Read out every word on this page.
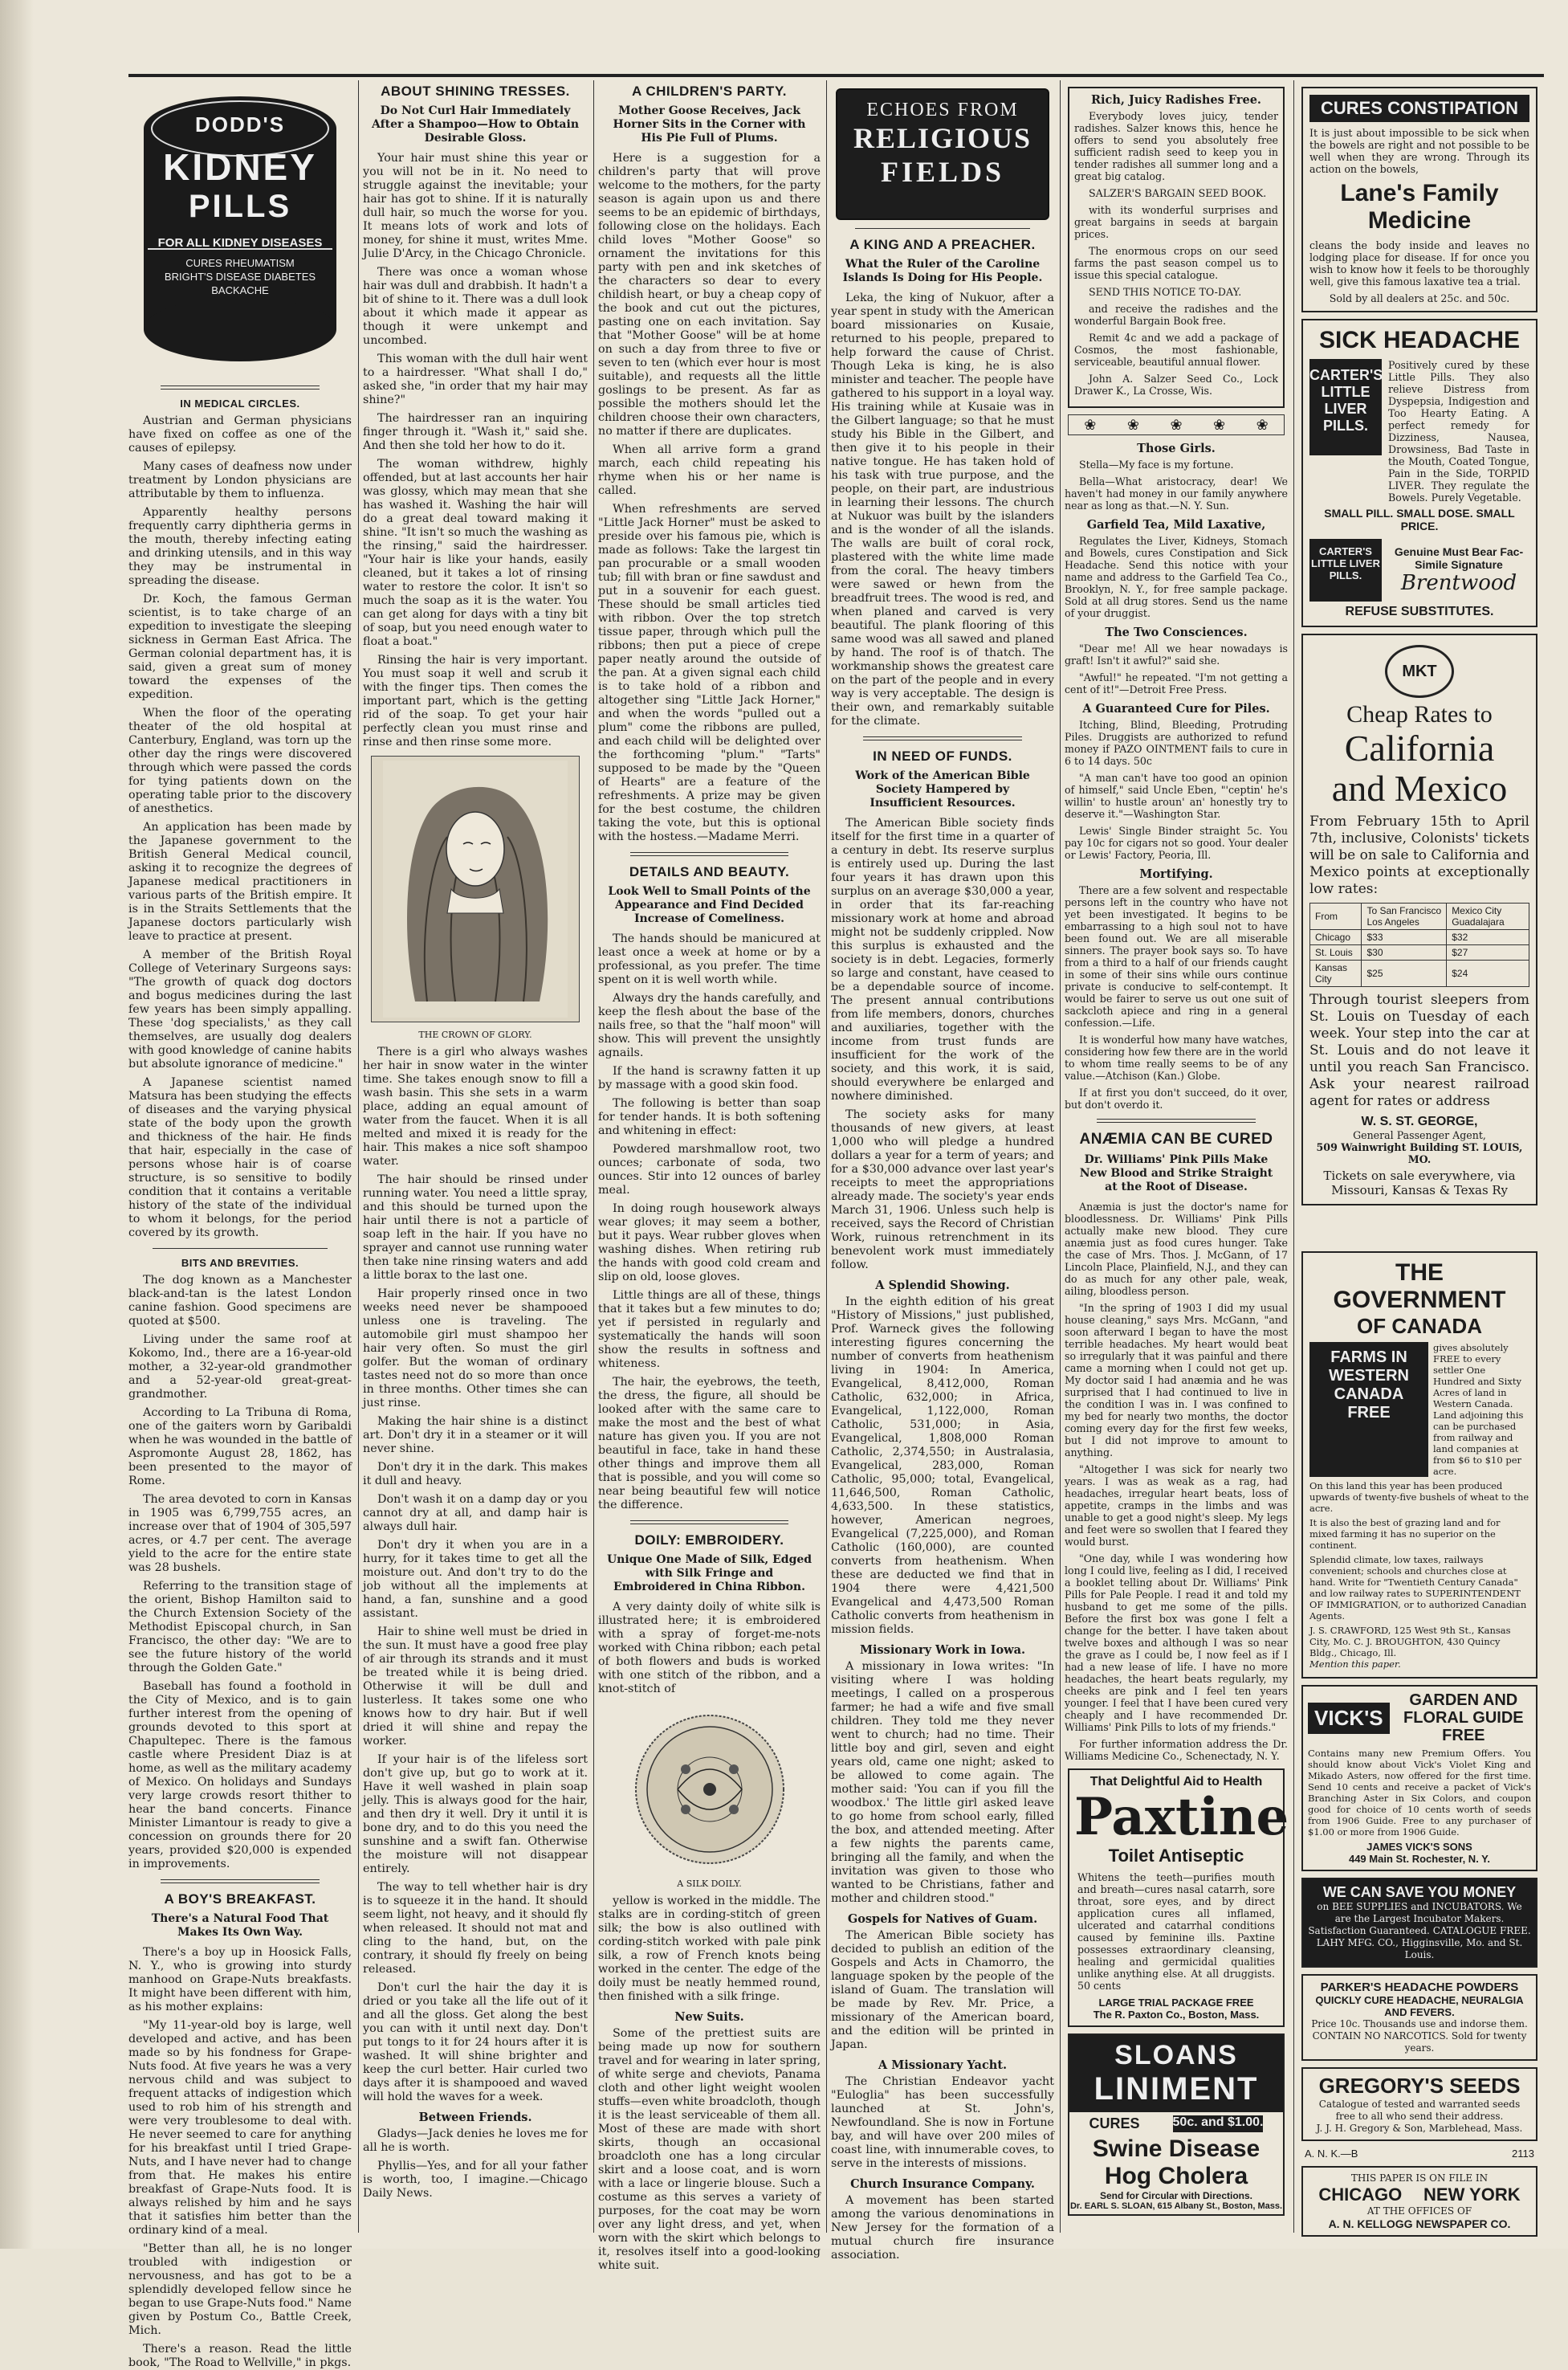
DODD'S
KIDNEY
PILLS
FOR ALL KIDNEY DISEASES
CURES RHEUMATISM BRIGHT'S DISEASE DIABETES BACKACHE
IN MEDICAL CIRCLES.

Austrian and German physicians have fixed on coffee as one of the causes of epilepsy.

Many cases of deafness now under treatment by London physicians are attributable by them to influenza.

Apparently healthy persons frequently carry diphtheria germs in the mouth, thereby infecting eating and drinking utensils, and in this way they may be instrumental in spreading the disease.

Dr. Koch, the famous German scientist, is to take charge of an expedition to investigate the sleeping sickness in German East Africa. The German colonial department has, it is said, given a great sum of money toward the expenses of the expedition.

When the floor of the operating theater of the old hospital at Canterbury, England, was torn up the other day the rings were discovered through which were passed the cords for tying patients down on the operating table prior to the discovery of anesthetics.

An application has been made by the Japanese government to the British General Medical council, asking it to recognize the degrees of Japanese medical practitioners in various parts of the British empire. It is in the Straits Settlements that the Japanese doctors particularly wish leave to practice at present.

A member of the British Royal College of Veterinary Surgeons says: "The growth of quack dog doctors and bogus medicines during the last few years has been simply appalling. These 'dog specialists,' as they call themselves, are usually dog dealers with good knowledge of canine habits but absolute ignorance of medicine."

A Japanese scientist named Matsura has been studying the effects of diseases and the varying physical state of the body upon the growth and thickness of the hair. He finds that hair, especially in the case of persons whose hair is of coarse structure, is so sensitive to bodily condition that it contains a veritable history of the state of the individual to whom it belongs, for the period covered by its growth.

BITS AND BREVITIES.

The dog known as a Manchester black-and-tan is the latest London canine fashion. Good specimens are quoted at $500.

Living under the same roof at Kokomo, Ind., there are a 16-year-old mother, a 32-year-old grandmother and a 52-year-old great-great-grandmother.

According to La Tribuna di Roma, one of the gaiters worn by Garibaldi when he was wounded in the battle of Aspromonte August 28, 1862, has been presented to the mayor of Rome.

The area devoted to corn in Kansas in 1905 was 6,799,755 acres, an increase over that of 1904 of 305,597 acres, or 4.7 per cent. The average yield to the acre for the entire state was 28 bushels.

Referring to the transition stage of the orient, Bishop Hamilton said to the Church Extension Society of the Methodist Episcopal church, in San Francisco, the other day: "We are to see the future history of the world through the Golden Gate."

Baseball has found a foothold in the City of Mexico, and is to gain further interest from the opening of grounds devoted to this sport at Chapultepec. There is the famous castle where President Diaz is at home, as well as the military academy of Mexico. On holidays and Sundays very large crowds resort thither to hear the band concerts. Finance Minister Limantour is ready to give a concession on grounds there for 20 years, provided $20,000 is expended in improvements.

A BOY'S BREAKFAST.
There's a Natural Food That Makes Its Own Way.

There's a boy up in Hoosick Falls, N. Y., who is growing into sturdy manhood on Grape-Nuts breakfasts. It might have been different with him, as his mother explains:

"My 11-year-old boy is large, well developed and active, and has been made so by his fondness for Grape-Nuts food. At five years he was a very nervous child and was subject to frequent attacks of indigestion which used to rob him of his strength and were very troublesome to deal with. He never seemed to care for anything for his breakfast until I tried Grape-Nuts, and I have never had to change from that. He makes his entire breakfast of Grape-Nuts food. It is always relished by him and he says that it satisfies him better than the ordinary kind of a meal.

"Better than all, he is no longer troubled with indigestion or nervousness, and has got to be a splendidly developed fellow since he began to use Grape-Nuts food." Name given by Postum Co., Battle Creek, Mich.

There's a reason. Read the little book, "The Road to Wellville," in pkgs.

ABOUT SHINING TRESSES.
Do Not Curl Hair Immediately After a Shampoo—How to Obtain Desirable Gloss.

Your hair must shine this year or you will not be in it. No need to struggle against the inevitable; your hair has got to shine. If it is naturally dull hair, so much the worse for you. It means lots of work and lots of money, for shine it must, writes Mme. Julie D'Arcy, in the Chicago Chronicle.

There was once a woman whose hair was dull and drabbish. It hadn't a bit of shine to it. There was a dull look about it which made it appear as though it were unkempt and uncombed.

This woman with the dull hair went to a hairdresser. "What shall I do," asked she, "in order that my hair may shine?"

The hairdresser ran an inquiring finger through it. "Wash it," said she. And then she told her how to do it.

The woman withdrew, highly offended, but at last accounts her hair was glossy, which may mean that she has washed it. Washing the hair will do a great deal toward making it shine. "It isn't so much the washing as the rinsing," said the hairdresser. "Your hair is like your hands, easily cleaned, but it takes a lot of rinsing water to restore the color. It isn't so much the soap as it is the water. You can get along for days with a tiny bit of soap, but you need enough water to float a boat."

Rinsing the hair is very important. You must soap it well and scrub it with the finger tips. Then comes the important part, which is the getting rid of the soap. To get your hair perfectly clean you must rinse and rinse and then rinse some more.

THE CROWN OF GLORY.

There is a girl who always washes her hair in snow water in the winter time. She takes enough snow to fill a wash basin. This she sets in a warm place, adding an equal amount of water from the faucet. When it is all melted and mixed it is ready for the hair. This makes a nice soft shampoo water.

The hair should be rinsed under running water. You need a little spray, and this should be turned upon the hair until there is not a particle of soap left in the hair. If you have no sprayer and cannot use running water then take nine rinsing waters and add a little borax to the last one.

Hair properly rinsed once in two weeks need never be shampooed unless one is traveling. The automobile girl must shampoo her hair very often. So must the girl golfer. But the woman of ordinary tastes need not do so more than once in three months. Other times she can just rinse.

Making the hair shine is a distinct art. Don't dry it in a steamer or it will never shine.

Don't dry it in the dark. This makes it dull and heavy.

Don't wash it on a damp day or you cannot dry at all, and damp hair is always dull hair.

Don't dry it when you are in a hurry, for it takes time to get all the moisture out. And don't try to do the job without all the implements at hand, a fan, sunshine and a good assistant.

Hair to shine well must be dried in the sun. It must have a good free play of air through its strands and it must be treated while it is being dried. Otherwise it will be dull and lusterless. It takes some one who knows how to dry hair. But if well dried it will shine and repay the worker.

If your hair is of the lifeless sort don't give up, but go to work at it. Have it well washed in plain soap jelly. This is always good for the hair, and then dry it well. Dry it until it is bone dry, and to do this you need the sunshine and a swift fan. Otherwise the moisture will not disappear entirely.

The way to tell whether hair is dry is to squeeze it in the hand. It should seem light, not heavy, and it should fly when released. It should not mat and cling to the hand, but, on the contrary, it should fly freely on being released.

Don't curl the hair the day it is dried or you take all the life out of it and all the gloss. Get along the best you can with it until next day. Don't put tongs to it for 24 hours after it is washed. It will shine brighter and keep the curl better. Hair curled two days after it is shampooed and waved will hold the waves for a week.

Between Friends.

Gladys—Jack denies he loves me for all he is worth.

Phyllis—Yes, and for all your father is worth, too, I imagine.—Chicago Daily News.

A CHILDREN'S PARTY.
Mother Goose Receives, Jack Horner Sits in the Corner with His Pie Full of Plums.

Here is a suggestion for a children's party that will prove welcome to the mothers, for the party season is again upon us and there seems to be an epidemic of birthdays, following close on the holidays. Each child loves "Mother Goose" so ornament the invitations for this party with pen and ink sketches of the characters so dear to every childish heart, or buy a cheap copy of the book and cut out the pictures, pasting one on each invitation. Say that "Mother Goose" will be at home on such a day from three to five or seven to ten (which ever hour is most suitable), and requests all the little goslings to be present. As far as possible the mothers should let the children choose their own characters, no matter if there are duplicates.

When all arrive form a grand march, each child repeating his rhyme when his or her name is called.

When refreshments are served "Little Jack Horner" must be asked to preside over his famous pie, which is made as follows: Take the largest tin pan procurable or a small wooden tub; fill with bran or fine sawdust and put in a souvenir for each guest. These should be small articles tied with ribbon. Over the top stretch tissue paper, through which pull the ribbons; then put a piece of crepe paper neatly around the outside of the pan. At a given signal each child is to take hold of a ribbon and altogether sing "Little Jack Horner," and when the words "pulled out a plum" come the ribbons are pulled, and each child will be delighted over the forthcoming "plum." "Tarts" supposed to be made by the "Queen of Hearts" are a feature of the refreshments. A prize may be given for the best costume, the children taking the vote, but this is optional with the hostess.—Madame Merri.

DETAILS AND BEAUTY.
Look Well to Small Points of the Appearance and Find Decided Increase of Comeliness.

The hands should be manicured at least once a week at home or by a professional, as you prefer. The time spent on it is well worth while.

Always dry the hands carefully, and keep the flesh about the base of the nails free, so that the "half moon" will show. This will prevent the unsightly agnails.

If the hand is scrawny fatten it up by massage with a good skin food.

The following is better than soap for tender hands. It is both softening and whitening in effect:

Powdered marshmallow root, two ounces; carbonate of soda, two ounces. Stir into 12 ounces of barley meal.

In doing rough housework always wear gloves; it may seem a bother, but it pays. Wear rubber gloves when washing dishes. When retiring rub the hands with good cold cream and slip on old, loose gloves.

Little things are all of these, things that it takes but a few minutes to do; yet if persisted in regularly and systematically the hands will soon show the results in softness and whiteness.

The hair, the eyebrows, the teeth, the dress, the figure, all should be looked after with the same care to make the most and the best of what nature has given you. If you are not beautiful in face, take in hand these other things and improve them all that is possible, and you will come so near being beautiful few will notice the difference.

DOILY: EMBROIDERY.
Unique One Made of Silk, Edged with Silk Fringe and Embroidered in China Ribbon.

A very dainty doily of white silk is illustrated here; it is embroidered with a spray of forget-me-nots worked with China ribbon; each petal of both flowers and buds is worked with one stitch of the ribbon, and a knot-stitch of

A SILK DOILY.

yellow is worked in the middle. The stalks are in cording-stitch of green silk; the bow is also outlined with cording-stitch worked with pale pink silk, a row of French knots being worked in the center. The edge of the doily must be neatly hemmed round, then finished with a silk fringe.

New Suits.

Some of the prettiest suits are being made up now for southern travel and for wearing in later spring, of white serge and cheviots, Panama cloth and other light weight woolen stuffs—even white broadcloth, though it is the least serviceable of them all. Most of these are made with short skirts, though an occasional broadcloth one has a long circular skirt and a loose coat, and is worn with a lace or lingerie blouse. Such a costume as this serves a variety of purposes, for the coat may be worn over any light dress, and yet, when worn with the skirt which belongs to it, resolves itself into a good-looking white suit.

ECHOES FROM
RELIGIOUS
FIELDS
A KING AND A PREACHER.
What the Ruler of the Caroline Islands Is Doing for His People.

Leka, the king of Nukuor, after a year spent in study with the American board missionaries on Kusaie, returned to his people, prepared to help forward the cause of Christ. Though Leka is king, he is also minister and teacher. The people have gathered to his support in a loyal way. His training while at Kusaie was in the Gilbert language; so that he must study his Bible in the Gilbert, and then give it to his people in their native tongue. He has taken hold of his task with true purpose, and the people, on their part, are industrious in learning their lessons. The church at Nukuor was built by the islanders and is the wonder of all the islands. The walls are built of coral rock, plastered with the white lime made from the coral. The heavy timbers were sawed or hewn from the breadfruit trees. The wood is red, and when planed and carved is very beautiful. The plank flooring of this same wood was all sawed and planed by hand. The roof is of thatch. The workmanship shows the greatest care on the part of the people and in every way is very acceptable. The design is their own, and remarkably suitable for the climate.

IN NEED OF FUNDS.
Work of the American Bible Society Hampered by Insufficient Resources.

The American Bible society finds itself for the first time in a quarter of a century in debt. Its reserve surplus is entirely used up. During the last four years it has drawn upon this surplus on an average $30,000 a year, in order that its far-reaching missionary work at home and abroad might not be suddenly crippled. Now this surplus is exhausted and the society is in debt. Legacies, formerly so large and constant, have ceased to be a dependable source of income. The present annual contributions from life members, donors, churches and auxiliaries, together with the income from trust funds are insufficient for the work of the society, and this work, it is said, should everywhere be enlarged and nowhere diminished.

The society asks for many thousands of new givers, at least 1,000 who will pledge a hundred dollars a year for a term of years; and for a $30,000 advance over last year's receipts to meet the appropriations already made. The society's year ends March 31, 1906. Unless such help is received, says the Record of Christian Work, ruinous retrenchment in its benevolent work must immediately follow.

A Splendid Showing.

In the eighth edition of his great "History of Missions," just published, Prof. Warneck gives the following interesting figures concerning the number of converts from heathenism living in 1904: In America, Evangelical, 8,412,000, Roman Catholic, 632,000; in Africa, Evangelical, 1,122,000, Roman Catholic, 531,000; in Asia, Evangelical, 1,808,000 Roman Catholic, 2,374,550; in Australasia, Evangelical, 283,000, Roman Catholic, 95,000; total, Evangelical, 11,646,500, Roman Catholic, 4,633,500. In these statistics, however, American negroes, Evangelical (7,225,000), and Roman Catholic (160,000), are counted converts from heathenism. When these are deducted we find that in 1904 there were 4,421,500 Evangelical and 4,473,500 Roman Catholic converts from heathenism in mission fields.

Missionary Work in Iowa.

A missionary in Iowa writes: "In visiting where I was holding meetings, I called on a prosperous farmer; he had a wife and five small children. They told me they never went to church; had no time. Their little boy and girl, seven and eight years old, came one night; asked to be allowed to come again. The mother said: 'You can if you fill the woodbox.' The little girl asked leave to go home from school early, filled the box, and attended meeting. After a few nights the parents came, bringing all the family, and when the invitation was given to those who wanted to be Christians, father and mother and children stood."

Gospels for Natives of Guam.

The American Bible society has decided to publish an edition of the Gospels and Acts in Chamorro, the language spoken by the people of the island of Guam. The translation will be made by Rev. Mr. Price, a missionary of the American board, and the edition will be printed in Japan.

A Missionary Yacht.

The Christian Endeavor yacht "Euloglia" has been successfully launched at St. John's, Newfoundland. She is now in Fortune bay, and will have over 200 miles of coast line, with innumerable coves, to serve in the interests of missions.

Church Insurance Company.

A movement has been started among the various denominations in New Jersey for the formation of a mutual church fire insurance association.

Rich, Juicy Radishes Free.

Everybody loves juicy, tender radishes. Salzer knows this, hence he offers to send you absolutely free sufficient radish seed to keep you in tender radishes all summer long and a great big catalog.

SALZER'S BARGAIN SEED BOOK.

with its wonderful surprises and great bargains in seeds at bargain prices.

The enormous crops on our seed farms the past season compel us to issue this special catalogue.

SEND THIS NOTICE TO-DAY.

and receive the radishes and the wonderful Bargain Book free.

Remit 4c and we add a package of Cosmos, the most fashionable, serviceable, beautiful annual flower.

John A. Salzer Seed Co., Lock Drawer K., La Crosse, Wis.

❀ ❀ ❀ ❀ ❀
Those Girls.

Stella—My face is my fortune.

Bella—What aristocracy, dear! We haven't had money in our family anywhere near as long as that.—N. Y. Sun.

Garfield Tea, Mild Laxative,

Regulates the Liver, Kidneys, Stomach and Bowels, cures Constipation and Sick Headache. Send this notice with your name and address to the Garfield Tea Co., Brooklyn, N. Y., for free sample package. Sold at all drug stores. Send us the name of your druggist.

The Two Consciences.

"Dear me! All we hear nowadays is graft! Isn't it awful?" said she.

"Awful!" he repeated. "I'm not getting a cent of it!"—Detroit Free Press.

A Guaranteed Cure for Piles.

Itching, Blind, Bleeding, Protruding Piles. Druggists are authorized to refund money if PAZO OINTMENT fails to cure in 6 to 14 days. 50c

"A man can't have too good an opinion of himself," said Uncle Eben, "'ceptin' he's willin' to hustle aroun' an' honestly try to deserve it."—Washington Star.

Lewis' Single Binder straight 5c. You pay 10c for cigars not so good. Your dealer or Lewis' Factory, Peoria, Ill.

Mortifying.

There are a few solvent and respectable persons left in the country who have not yet been investigated. It begins to be embarrassing to a high soul not to have been found out. We are all miserable sinners. The prayer book says so. To have from a third to a half of our friends caught in some of their sins while ours continue private is conducive to self-contempt. It would be fairer to serve us out one suit of sackcloth apiece and ring in a general confession.—Life.

It is wonderful how many have watches, considering how few there are in the world to whom time really seems to be of any value.—Atchison (Kan.) Globe.

If at first you don't succeed, do it over, but don't overdo it.

ANÆMIA CAN BE CURED
Dr. Williams' Pink Pills Make New Blood and Strike Straight at the Root of Disease.

Anæmia is just the doctor's name for bloodlessness. Dr. Williams' Pink Pills actually make new blood. They cure anæmia just as food cures hunger. Take the case of Mrs. Thos. J. McGann, of 17 Lincoln Place, Plainfield, N.J., and they can do as much for any other pale, weak, ailing, bloodless person.

"In the spring of 1903 I did my usual house cleaning," says Mrs. McGann, "and soon afterward I began to have the most terrible headaches. My heart would beat so irregularly that it was painful and there came a morning when I could not get up. My doctor said I had anæmia and he was surprised that I had continued to live in the condition I was in. I was confined to my bed for nearly two months, the doctor coming every day for the first few weeks, but I did not improve to amount to anything.

"Altogether I was sick for nearly two years. I was as weak as a rag, had headaches, irregular heart beats, loss of appetite, cramps in the limbs and was unable to get a good night's sleep. My legs and feet were so swollen that I feared they would burst.

"One day, while I was wondering how long I could live, feeling as I did, I received a booklet telling about Dr. Williams' Pink Pills for Pale People. I read it and told my husband to get me some of the pills. Before the first box was gone I felt a change for the better. I have taken about twelve boxes and although I was so near the grave as I could be, I now feel as if I had a new lease of life. I have no more headaches, the heart beats regularly, my cheeks are pink and I feel ten years younger. I feel that I have been cured very cheaply and I have recommended Dr. Williams' Pink Pills to lots of my friends."

For further information address the Dr. Williams Medicine Co., Schenectady, N. Y.

That Delightful Aid to Health
Paxtine
Toilet Antiseptic
Whitens the teeth—purifies mouth and breath—cures nasal catarrh, sore throat, sore eyes, and by direct application cures all inflamed, ulcerated and catarrhal conditions caused by feminine ills. Paxtine possesses extraordinary cleansing, healing and germicidal qualities unlike anything else. At all druggists. 50 cents
LARGE TRIAL PACKAGE FREE
The R. Paxton Co., Boston, Mass.
SLOANS
LINIMENT
CURES	50c. and $1.00.
Swine Disease
Hog Cholera
Send for Circular with Directions.
Dr. EARL S. SLOAN, 615 Albany St., Boston, Mass.
CURES CONSTIPATION
It is just about impossible to be sick when the bowels are right and not possible to be well when they are wrong. Through its action on the bowels,
Lane's Family Medicine
cleans the body inside and leaves no lodging place for disease. If for once you wish to know how it feels to be thoroughly well, give this famous laxative tea a trial.
Sold by all dealers at 25c. and 50c.
SICK HEADACHE
CARTER'S LITTLE LIVER PILLS.
Positively cured by these Little Pills. They also relieve Distress from Dyspepsia, Indigestion and Too Hearty Eating. A perfect remedy for Dizziness, Nausea, Drowsiness, Bad Taste in the Mouth, Coated Tongue, Pain in the Side, TORPID LIVER. They regulate the Bowels. Purely Vegetable.
SMALL PILL. SMALL DOSE. SMALL PRICE.
CARTER'S LITTLE LIVER PILLS.
Genuine Must Bear Fac-Simile Signature
Brentwood
REFUSE SUBSTITUTES.
MKT
Cheap Rates to
California
and Mexico
From February 15th to April 7th, inclusive, Colonists' tickets will be on sale to California and Mexico points at exceptionally low rates:
From	To San Francisco Los Angeles	Mexico City Guadalajara
Chicago	$33	$32
St. Louis	$30	$27
Kansas City	$25	$24
Through tourist sleepers from St. Louis on Tuesday of each week. Your step into the car at St. Louis and do not leave it until you reach San Francisco. Ask your nearest railroad agent for rates or address
W. S. ST. GEORGE,
General Passenger Agent,
509 Wainwright Building ST. LOUIS, MO.
Tickets on sale everywhere, via Missouri, Kansas & Texas Ry
THE GOVERNMENT
OF CANADA
FARMS IN WESTERN CANADA FREE
gives absolutely FREE to every settler One Hundred and Sixty Acres of land in Western Canada. Land adjoining this can be purchased from railway and land companies at from $6 to $10 per acre.
On this land this year has been produced upwards of twenty-five bushels of wheat to the acre.
It is also the best of grazing land and for mixed farming it has no superior on the continent.
Splendid climate, low taxes, railways convenient; schools and churches close at hand. Write for "Twentieth Century Canada" and low railway rates to SUPERINTENDENT OF IMMIGRATION, or to authorized Canadian Agents.
J. S. CRAWFORD, 125 West 9th St., Kansas City, Mo. C. J. BROUGHTON, 430 Quincy Bldg., Chicago, Ill.
Mention this paper.
VICK'S
GARDEN AND FLORAL GUIDE FREE
Contains many new Premium Offers. You should know about Vick's Violet King and Mikado Asters, now offered for the first time. Send 10 cents and receive a packet of Vick's Branching Aster in Six Colors, and coupon good for choice of 10 cents worth of seeds from 1906 Guide. Free to any purchaser of $1.00 or more from 1906 Guide.
JAMES VICK'S SONS
449 Main St. Rochester, N. Y.
WE CAN SAVE YOU MONEY
on BEE SUPPLIES and INCUBATORS. We are the Largest Incubator Makers. Satisfaction Guaranteed. CATALOGUE FREE.
LAHY MFG. CO., Higginsville, Mo. and St. Louis.
PARKER'S HEADACHE POWDERS
QUICKLY CURE HEADACHE, NEURALGIA AND FEVERS.
Price 10c. Thousands use and indorse them. CONTAIN NO NARCOTICS. Sold for twenty years.
GREGORY'S SEEDS
Catalogue of tested and warranted seeds free to all who send their address.
J. J. H. Gregory & Son, Marblehead, Mass.
A. N. K.—B	2113
THIS PAPER IS ON FILE IN
CHICAGO NEW YORK
AT THE OFFICES OF
A. N. KELLOGG NEWSPAPER CO.
